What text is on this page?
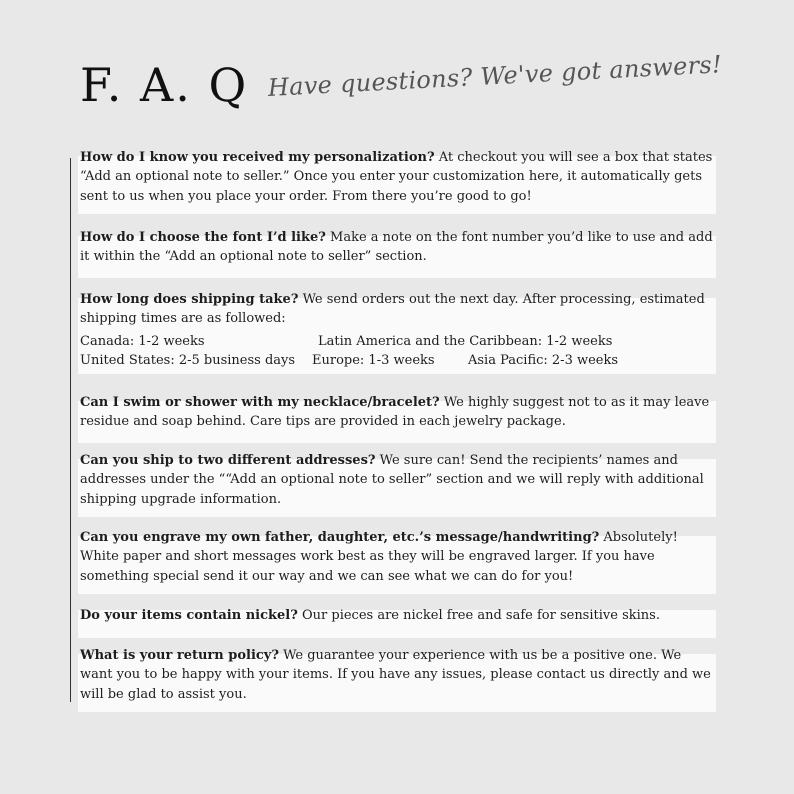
F. A. Q Have questions? We've got answers!

How do I know you received my personalization? At checkout you will see a box that states “Add an optional note to seller.” Once you enter your customization here, it automatically gets sent to us when you place your order. From there you’re good to go!

How do I choose the font I’d like? Make a note on the font number you’d like to use and add it within the “Add an optional note to seller” section.

How long does shipping take? We send orders out the next day. After processing, estimated shipping times are as followed:

Canada: 1-2 weeks	Latin America and the Caribbean: 1-2 weeks
United States: 2-5 business days	Europe: 1-3 weeks	Asia Pacific: 2-3 weeks

Can I swim or shower with my necklace/bracelet? We highly suggest not to as it may leave residue and soap behind. Care tips are provided in each jewelry package.

Can you ship to two different addresses? We sure can! Send the recipients’ names and addresses under the ““Add an optional note to seller” section and we will reply with additional shipping upgrade information.

Can you engrave my own father, daughter, etc.’s message/handwriting? Absolutely! White paper and short messages work best as they will be engraved larger. If you have something special send it our way and we can see what we can do for you!

Do your items contain nickel? Our pieces are nickel free and safe for sensitive skins.

What is your return policy? We guarantee your experience with us be a positive one. We want you to be happy with your items. If you have any issues, please contact us directly and we will be glad to assist you.
